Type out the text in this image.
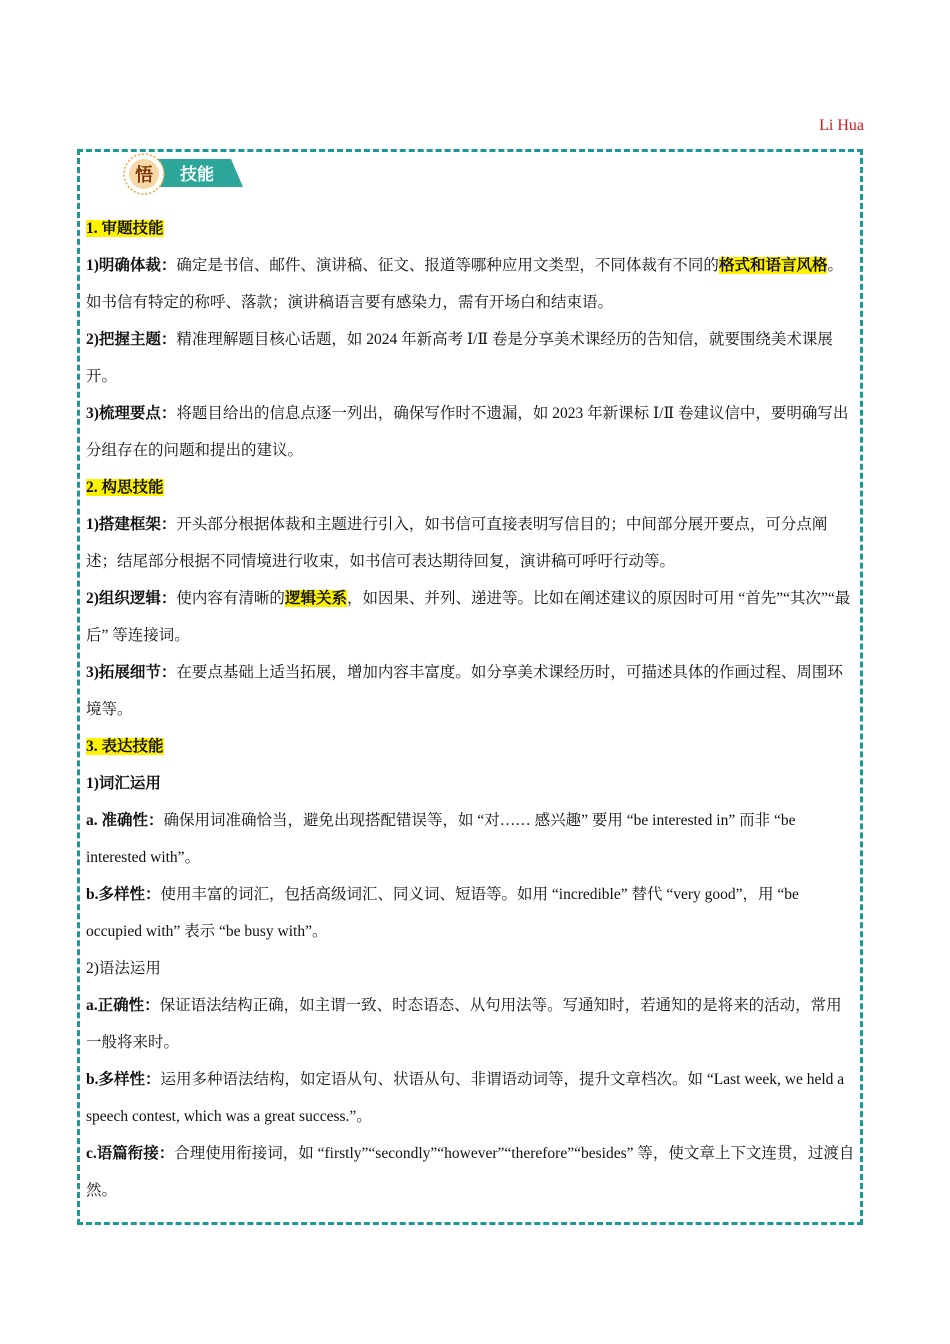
Li Hua
悟 技能

1. 审题技能

1)明确体裁：确定是书信、邮件、演讲稿、征文、报道等哪种应用文类型，不同体裁有不同的格式和语言风格。如书信有特定的称呼、落款；演讲稿语言要有感染力，需有开场白和结束语。

2)把握主题：精准理解题目核心话题，如 2024 年新高考 Ⅰ/Ⅱ 卷是分享美术课经历的告知信，就要围绕美术课展开。

3)梳理要点：将题目给出的信息点逐一列出，确保写作时不遗漏，如 2023 年新课标 Ⅰ/Ⅱ 卷建议信中，要明确写出分组存在的问题和提出的建议。

2. 构思技能

1)搭建框架：开头部分根据体裁和主题进行引入，如书信可直接表明写信目的；中间部分展开要点，可分点阐述；结尾部分根据不同情境进行收束，如书信可表达期待回复，演讲稿可呼吁行动等。

2)组织逻辑：使内容有清晰的逻辑关系，如因果、并列、递进等。比如在阐述建议的原因时可用 “首先”“其次”“最后” 等连接词。

3)拓展细节：在要点基础上适当拓展，增加内容丰富度。如分享美术课经历时，可描述具体的作画过程、周围环境等。

3. 表达技能

1)词汇运用

a. 准确性：确保用词准确恰当，避免出现搭配错误等，如 “对…… 感兴趣” 要用 “be interested in” 而非 “be interested with”。

b.多样性：使用丰富的词汇，包括高级词汇、同义词、短语等。如用 “incredible” 替代 “very good”，用 “be occupied with” 表示 “be busy with”。

2)语法运用

a.正确性：保证语法结构正确，如主谓一致、时态语态、从句用法等。写通知时，若通知的是将来的活动，常用一般将来时。

b.多样性：运用多种语法结构，如定语从句、状语从句、非谓语动词等，提升文章档次。如 “Last week, we held a speech contest, which was a great success.”。

c.语篇衔接：合理使用衔接词，如 “firstly”“secondly”“however”“therefore”“besides” 等，使文章上下文连贯，过渡自然。
